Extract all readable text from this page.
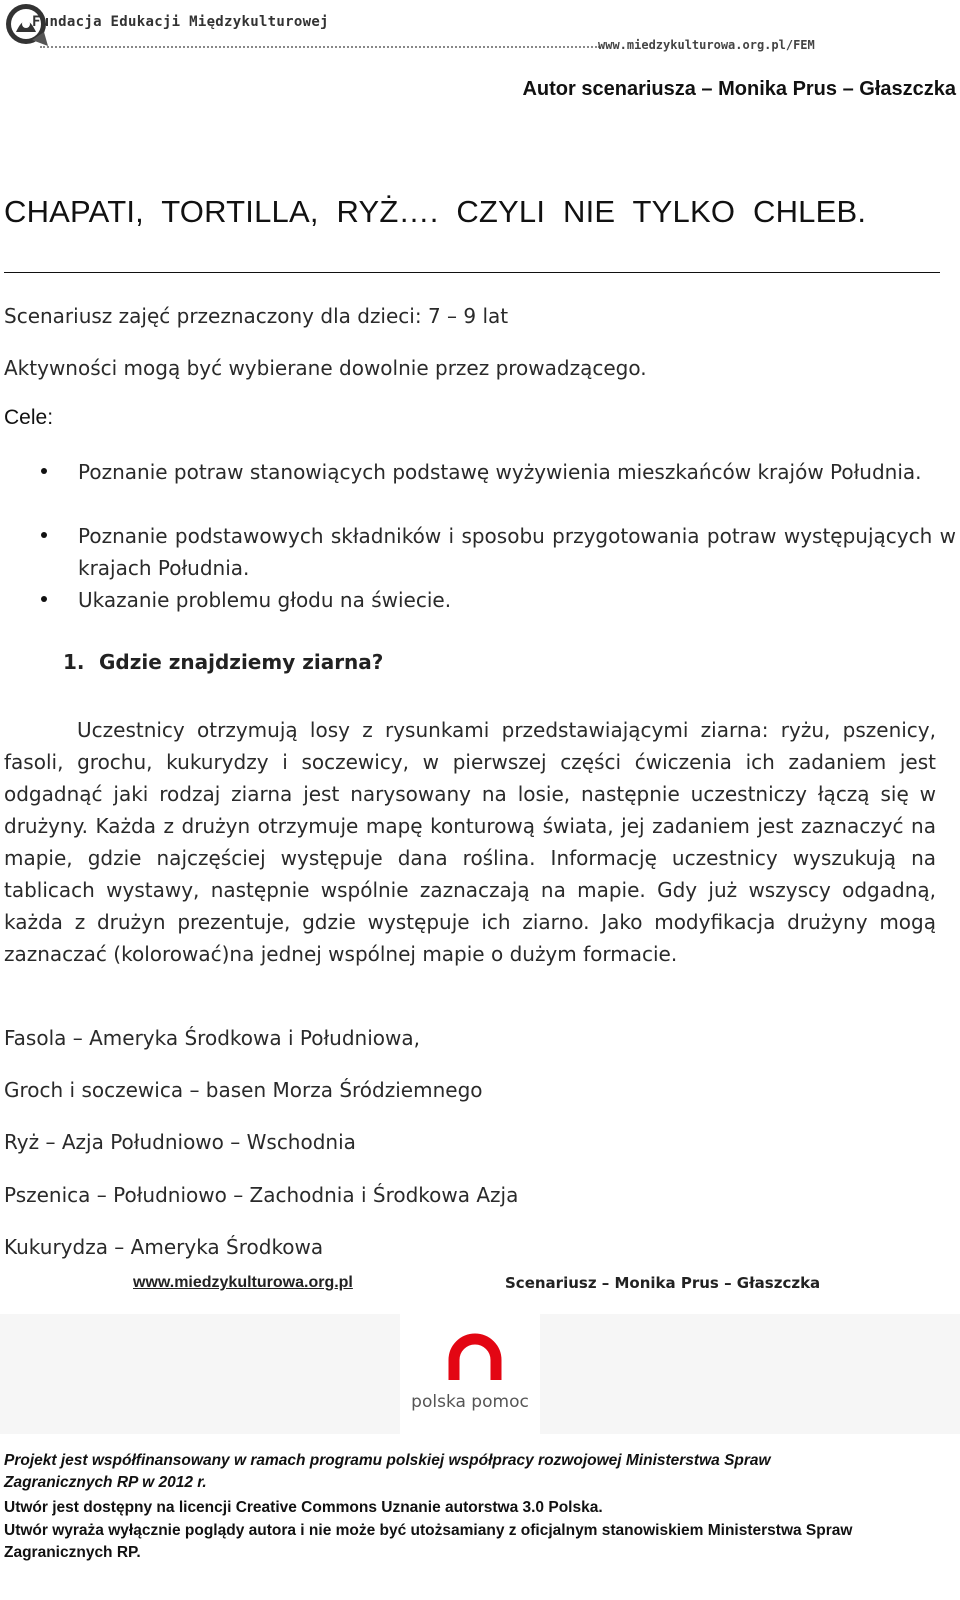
Fundacja Edukacji Międzykulturowej
www.miedzykulturowa.org.pl/FEM
Autor scenariusza – Monika Prus – Głaszczka
CHAPATI, TORTILLA, RYŻ…. CZYLI NIE TYLKO CHLEB.
Scenariusz zajęć przeznaczony dla dzieci: 7 – 9 lat
Aktywności mogą być wybierane dowolnie przez prowadzącego.
Cele:
Poznanie potraw stanowiących podstawę wyżywienia mieszkańców krajów Południa.
Poznanie podstawowych składników i sposobu przygotowania potraw występujących w krajach Południa.
Ukazanie problemu głodu na świecie.
1. Gdzie znajdziemy ziarna?

Uczestnicy otrzymują losy z rysunkami przedstawiającymi ziarna: ryżu, pszenicy, fasoli, grochu, kukurydzy i soczewicy, w pierwszej części ćwiczenia ich zadaniem jest odgadnąć jaki rodzaj ziarna jest narysowany na losie, następnie uczestniczy łączą się w drużyny. Każda z drużyn otrzymuje mapę konturową świata, jej zadaniem jest zaznaczyć na mapie, gdzie najczęściej występuje dana roślina. Informację uczestnicy wyszukują na tablicach wystawy, następnie wspólnie zaznaczają na mapie. Gdy już wszyscy odgadną, każda z drużyn prezentuje, gdzie występuje ich ziarno. Jako modyfikacja drużyny mogą zaznaczać (kolorować)na jednej wspólnej mapie o dużym formacie.

Fasola – Ameryka Środkowa i Południowa,
Groch i soczewica – basen Morza Śródziemnego
Ryż – Azja Południowo – Wschodnia
Pszenica – Południowo – Zachodnia i Środkowa Azja
Kukurydza – Ameryka Środkowa
www.miedzykulturowa.org.pl	Scenariusz – Monika Prus – Głaszczka
polska pomoc
Projekt jest współfinansowany w ramach programu polskiej współpracy rozwojowej Ministerstwa Spraw Zagranicznych RP w 2012 r.
Utwór jest dostępny na licencji Creative Commons Uznanie autorstwa 3.0 Polska.
Utwór wyraża wyłącznie poglądy autora i nie może być utożsamiany z oficjalnym stanowiskiem Ministerstwa Spraw Zagranicznych RP.
